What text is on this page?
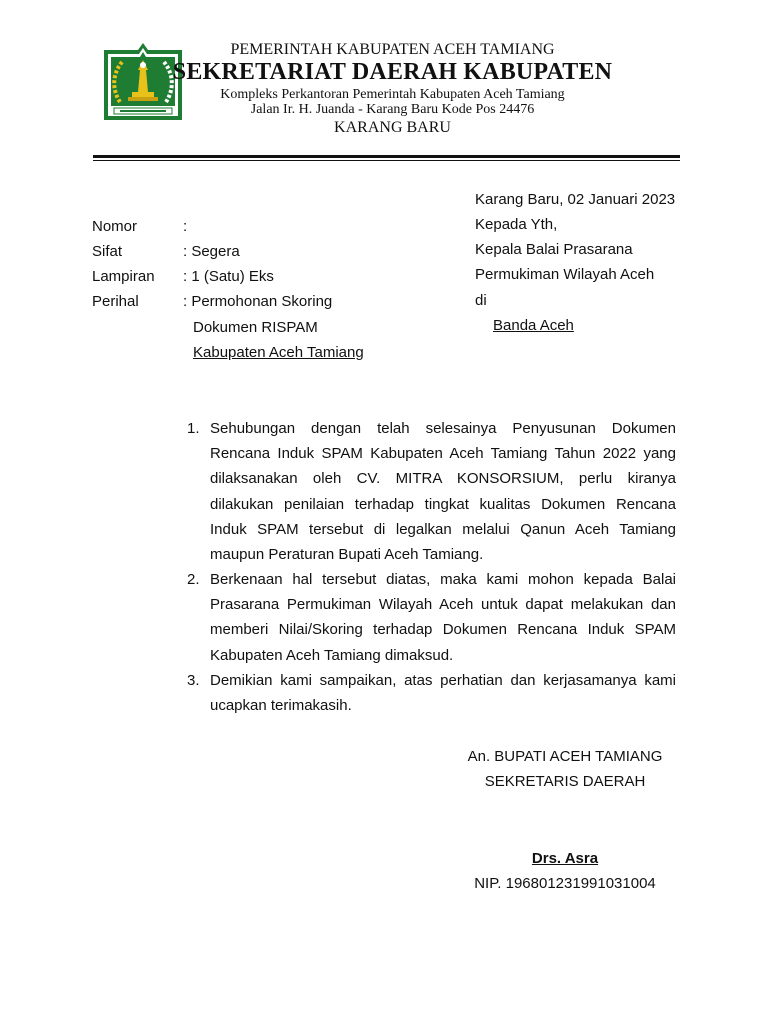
PEMERINTAH KABUPATEN ACEH TAMIANG
SEKRETARIAT DAERAH KABUPATEN
Kompleks Perkantoran Pemerintah Kabupaten Aceh Tamiang
Jalan Ir. H. Juanda - Karang Baru Kode Pos 24476
KARANG BARU
Karang Baru, 02 Januari 2023
Kepada Yth,
Kepala Balai Prasarana
Permukiman Wilayah Aceh
di
Banda Aceh
Nomor	:
Sifat	: Segera
Lampiran : 1 (Satu) Eks
Perihal	: Permohonan Skoring
Dokumen RISPAM
Kabupaten Aceh Tamiang
1. Sehubungan dengan telah selesainya Penyusunan Dokumen Rencana Induk SPAM Kabupaten Aceh Tamiang Tahun 2022 yang dilaksanakan oleh CV. MITRA KONSORSIUM, perlu kiranya dilakukan penilaian terhadap tingkat kualitas Dokumen Rencana Induk SPAM tersebut di legalkan melalui Qanun Aceh Tamiang maupun Peraturan Bupati Aceh Tamiang.

2. Berkenaan hal tersebut diatas, maka kami mohon kepada Balai Prasarana Permukiman Wilayah Aceh untuk dapat melakukan dan memberi Nilai/Skoring terhadap Dokumen Rencana Induk SPAM Kabupaten Aceh Tamiang dimaksud.

3. Demikian kami sampaikan, atas perhatian dan kerjasamanya kami ucapkan terimakasih.

An. BUPATI ACEH TAMIANG
SEKRETARIS DAERAH
Drs. Asra
NIP. 196801231991031004
